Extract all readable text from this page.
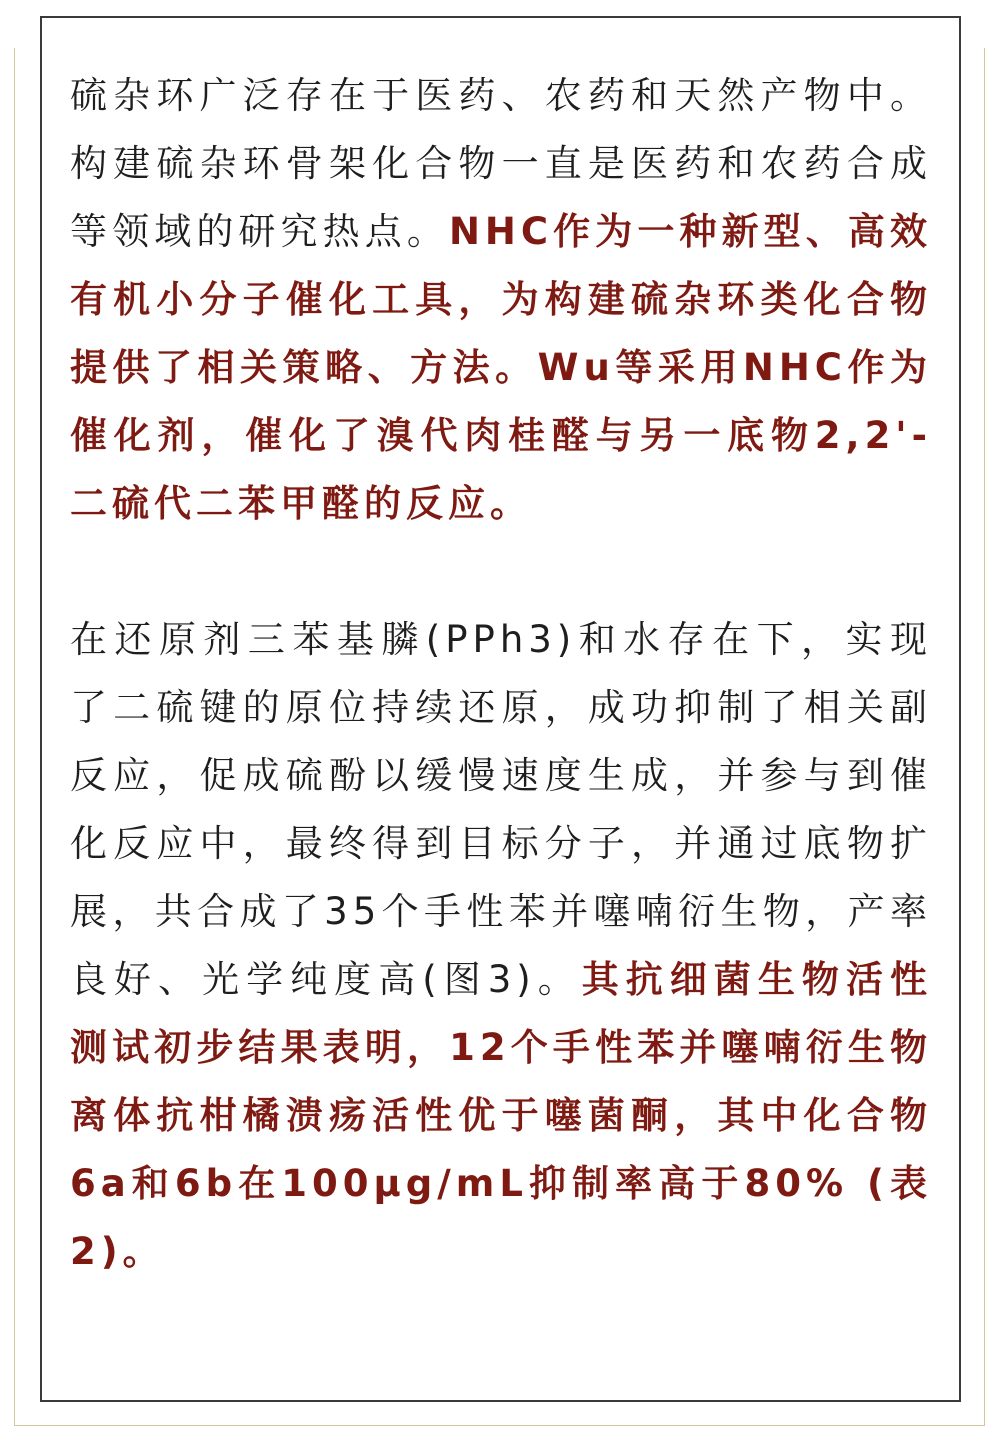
硫杂环广泛存在于医药、农药和天然产物中。构建硫杂环骨架化合物一直是医药和农药合成等领域的研究热点。NHC作为一种新型、高效有机小分子催化工具，为构建硫杂环类化合物提供了相关策略、方法。Wu等采用NHC作为催化剂，催化了溴代肉桂醛与另一底物2,2'-二硫代二苯甲醛的反应。

在还原剂三苯基膦(PPh3)和水存在下，实现了二硫键的原位持续还原，成功抑制了相关副反应，促成硫酚以缓慢速度生成，并参与到催化反应中，最终得到目标分子，并通过底物扩展，共合成了35个手性苯并噻喃衍生物，产率良好、光学纯度高(图3)。其抗细菌生物活性测试初步结果表明，12个手性苯并噻喃衍生物离体抗柑橘溃疡活性优于噻菌酮，其中化合物6a和6b在100μg/mL抑制率高于80% (表2)。
